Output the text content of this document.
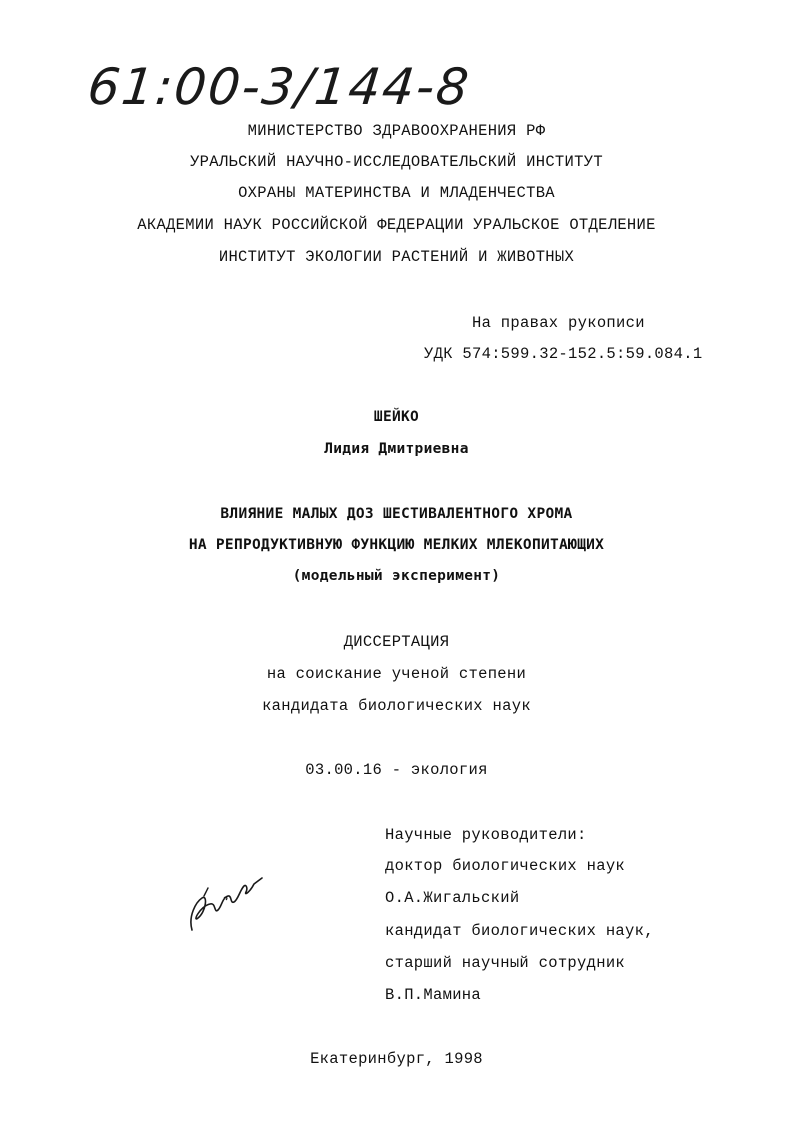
61:00-3/144-8
МИНИСТЕРСТВО ЗДРАВООХРАНЕНИЯ РФ
УРАЛЬСКИЙ НАУЧНО-ИССЛЕДОВАТЕЛЬСКИЙ ИНСТИТУТ
ОХРАНЫ МАТЕРИНСТВА И МЛАДЕНЧЕСТВА
АКАДЕМИИ НАУК РОССИЙСКОЙ ФЕДЕРАЦИИ УРАЛЬСКОЕ ОТДЕЛЕНИЕ
ИНСТИТУТ ЭКОЛОГИИ РАСТЕНИЙ И ЖИВОТНЫХ
На правах рукописи
УДК 574:599.32-152.5:59.084.1
ШЕЙКО
Лидия Дмитриевна
ВЛИЯНИЕ МАЛЫХ ДОЗ ШЕСТИВАЛЕНТНОГО ХРОМА
НА РЕПРОДУКТИВНУЮ ФУНКЦИЮ МЕЛКИХ МЛЕКОПИТАЮЩИХ
(модельный эксперимент)
ДИССЕРТАЦИЯ
на соискание ученой степени
кандидата биологических наук
03.00.16 - экология
Научные руководители:
доктор биологических наук
О.А.Жигальский
кандидат биологических наук,
старший научный сотрудник
В.П.Мамина
Екатеринбург, 1998
